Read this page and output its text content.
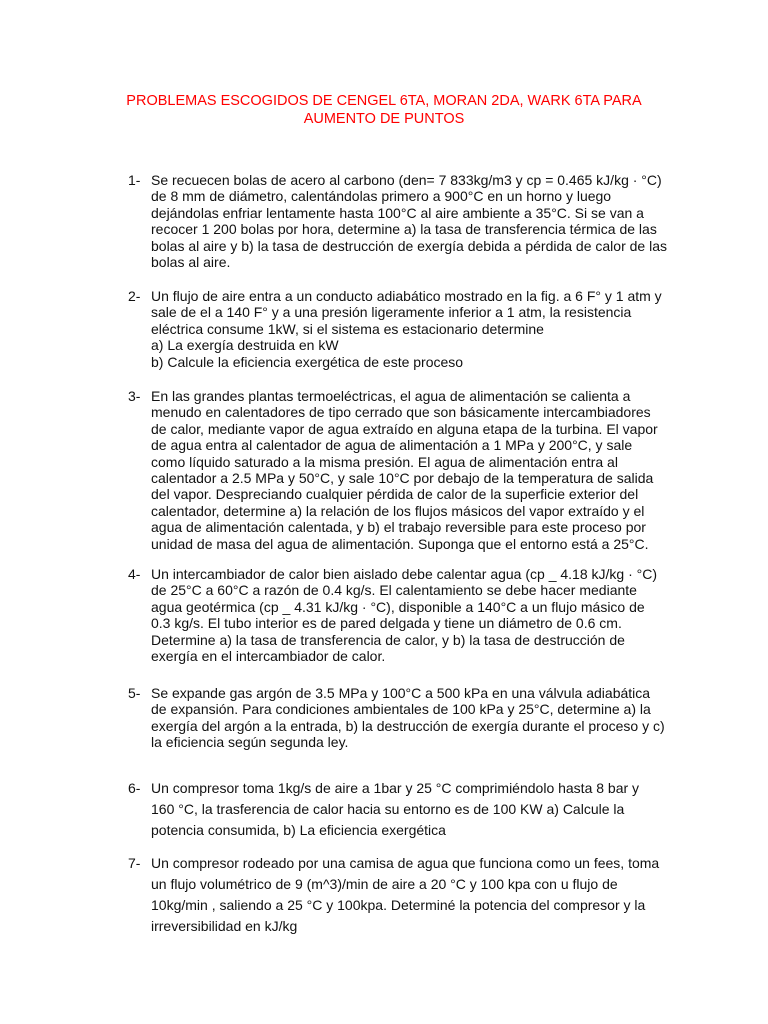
PROBLEMAS ESCOGIDOS DE CENGEL 6TA, MORAN 2DA, WARK 6TA PARA
AUMENTO DE PUNTOS
1- Se recuecen bolas de acero al carbono (den= 7 833kg/m3 y cp = 0.465 kJ/kg · °C)
de 8 mm de diámetro, calentándolas primero a 900°C en un horno y luego
dejándolas enfriar lentamente hasta 100°C al aire ambiente a 35°C. Si se van a
recocer 1 200 bolas por hora, determine a) la tasa de transferencia térmica de las
bolas al aire y b) la tasa de destrucción de exergía debida a pérdida de calor de las
bolas al aire.
2- Un flujo de aire entra a un conducto adiabático mostrado en la fig. a 6 F° y 1 atm y
sale de el a 140 F° y a una presión ligeramente inferior a 1 atm, la resistencia
eléctrica consume 1kW, si el sistema es estacionario determine
a) La exergía destruida en kW
b) Calcule la eficiencia exergética de este proceso
3- En las grandes plantas termoeléctricas, el agua de alimentación se calienta a
menudo en calentadores de tipo cerrado que son básicamente intercambiadores
de calor, mediante vapor de agua extraído en alguna etapa de la turbina. El vapor
de agua entra al calentador de agua de alimentación a 1 MPa y 200°C, y sale
como líquido saturado a la misma presión. El agua de alimentación entra al
calentador a 2.5 MPa y 50°C, y sale 10°C por debajo de la temperatura de salida
del vapor. Despreciando cualquier pérdida de calor de la superficie exterior del
calentador, determine a) la relación de los flujos másicos del vapor extraído y el
agua de alimentación calentada, y b) el trabajo reversible para este proceso por
unidad de masa del agua de alimentación. Suponga que el entorno está a 25°C.
4- Un intercambiador de calor bien aislado debe calentar agua (cp _ 4.18 kJ/kg · °C)
de 25°C a 60°C a razón de 0.4 kg/s. El calentamiento se debe hacer mediante
agua geotérmica (cp _ 4.31 kJ/kg · °C), disponible a 140°C a un flujo másico de
0.3 kg/s. El tubo interior es de pared delgada y tiene un diámetro de 0.6 cm.
Determine a) la tasa de transferencia de calor, y b) la tasa de destrucción de
exergía en el intercambiador de calor.
5- Se expande gas argón de 3.5 MPa y 100°C a 500 kPa en una válvula adiabática
de expansión. Para condiciones ambientales de 100 kPa y 25°C, determine a) la
exergía del argón a la entrada, b) la destrucción de exergía durante el proceso y c)
la eficiencia según segunda ley.
6- Un compresor toma 1kg/s de aire a 1bar y 25 °C comprimiéndolo hasta 8 bar y
160 °C, la trasferencia de calor hacia su entorno es de 100 KW a) Calcule la
potencia consumida, b) La eficiencia exergética
7- Un compresor rodeado por una camisa de agua que funciona como un fees, toma
un flujo volumétrico de 9 (m^3)/min de aire a 20 °C y 100 kpa con u flujo de
10kg/min , saliendo a 25 °C y 100kpa. Determiné la potencia del compresor y la
irreversibilidad en kJ/kg
